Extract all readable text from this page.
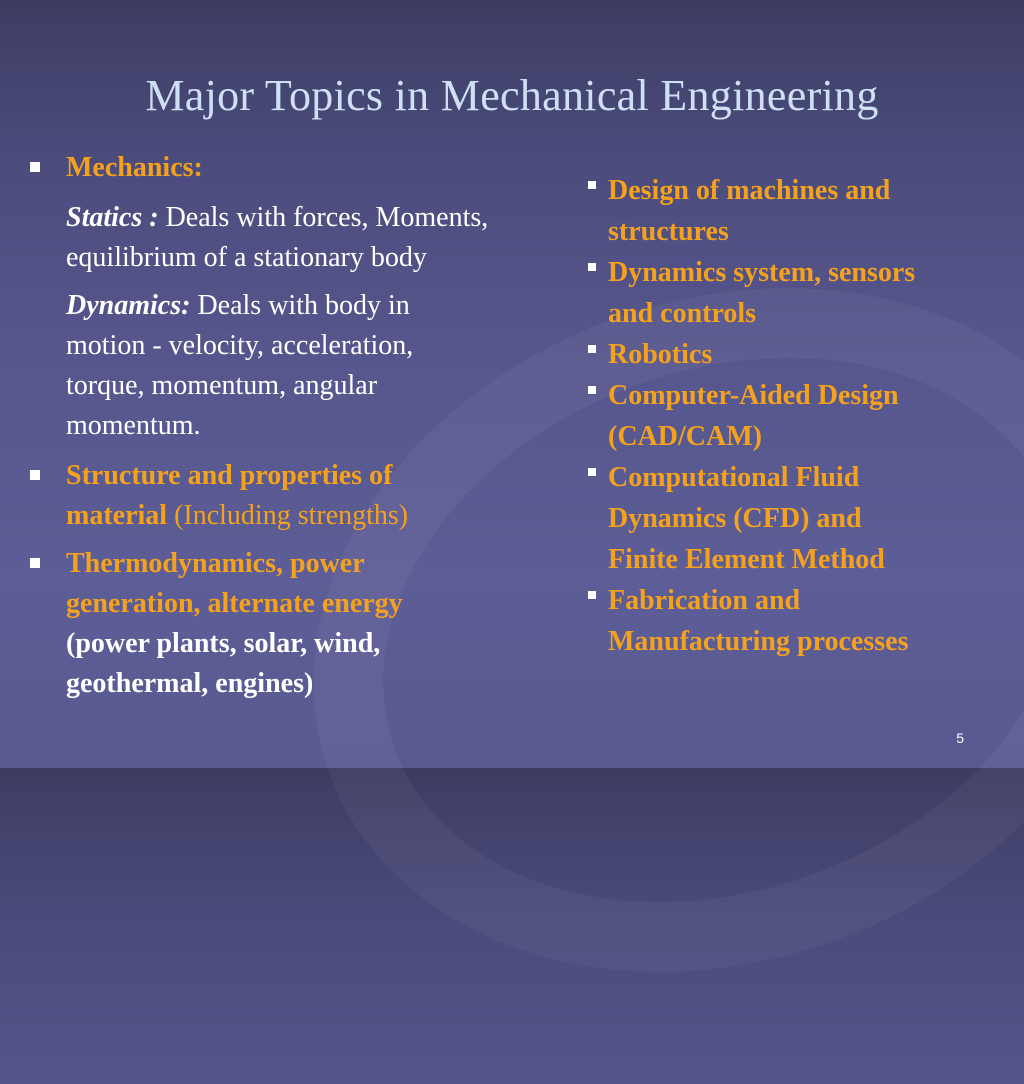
Major Topics in Mechanical Engineering
Mechanics:
Statics : Deals with forces, Moments,
equilibrium of a stationary body
Dynamics: Deals with body in
motion - velocity, acceleration,
torque, momentum, angular
momentum.
Structure and properties of
material (Including strengths)
Thermodynamics, power
generation, alternate energy
(power plants, solar, wind,
geothermal, engines)
Design of machines and
structures
Dynamics system, sensors
and controls
Robotics
Computer-Aided Design
(CAD/CAM)
Computational Fluid
Dynamics (CFD) and
Finite Element Method
Fabrication and
Manufacturing processes
5
